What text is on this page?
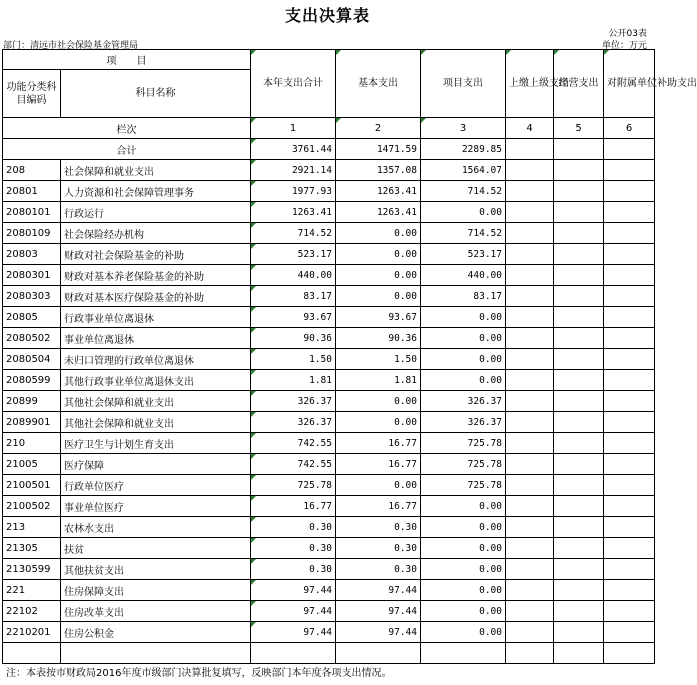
支出决算表
公开03表
部门：清远市社会保险基金管理局	单位：万元
项　　目		本年支出合计	基本支出	项目支出	上缴上级支出	经营支出	对附属单位补助支出
功能分类科目编码	科目名称						

栏次		1	2	3	4	5	6
合计		3761.44	1471.59	2289.85			
208	社会保障和就业支出	2921.14	1357.08	1564.07			
20801	人力资源和社会保障管理事务	1977.93	1263.41	714.52			
2080101	行政运行	1263.41	1263.41	0.00			
2080109	社会保险经办机构	714.52	0.00	714.52			
20803	财政对社会保险基金的补助	523.17	0.00	523.17			
2080301	财政对基本养老保险基金的补助	440.00	0.00	440.00			
2080303	财政对基本医疗保险基金的补助	83.17	0.00	83.17			
20805	行政事业单位离退休	93.67	93.67	0.00			
2080502	事业单位离退休	90.36	90.36	0.00			
2080504	未归口管理的行政单位离退休	1.50	1.50	0.00			
2080599	其他行政事业单位离退休支出	1.81	1.81	0.00			
20899	其他社会保障和就业支出	326.37	0.00	326.37			
2089901	其他社会保障和就业支出	326.37	0.00	326.37			
210	医疗卫生与计划生育支出	742.55	16.77	725.78			
21005	医疗保障	742.55	16.77	725.78			
2100501	行政单位医疗	725.78	0.00	725.78			
2100502	事业单位医疗	16.77	16.77	0.00			
213	农林水支出	0.30	0.30	0.00			
21305	扶贫	0.30	0.30	0.00			
2130599	其他扶贫支出	0.30	0.30	0.00			
221	住房保障支出	97.44	97.44	0.00			
22102	住房改革支出	97.44	97.44	0.00			
2210201	住房公积金	97.44	97.44	0.00			

注：本表按市财政局2016年度市级部门决算批复填写，反映部门本年度各项支出情况。
